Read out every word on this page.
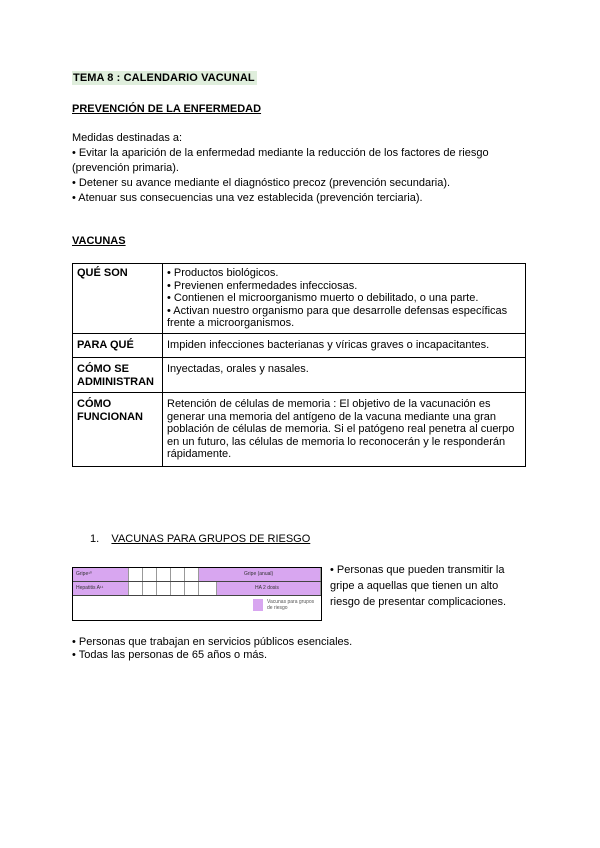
TEMA 8 : CALENDARIO VACUNAL
PREVENCIÓN DE LA ENFERMEDAD
Medidas destinadas a:
• Evitar la aparición de la enfermedad mediante la reducción de los factores de riesgo
(prevención primaria).
• Detener su avance mediante el diagnóstico precoz (prevención secundaria).
• Atenuar sus consecuencias una vez establecida (prevención terciaria).
VACUNAS
QUÉ SON	• Productos biológicos.
• Previenen enfermedades infecciosas.
• Contienen el microorganismo muerto o debilitado, o una parte.
• Activan nuestro organismo para que desarrolle defensas específicas frente a microorganismos.

PARA QUÉ	Impiden infecciones bacterianas y víricas graves o incapacitantes.

CÓMO SE ADMINISTRAN	Inyectadas, orales y nasales.

CÓMO FUNCIONAN	Retención de células de memoria : El objetivo de la vacunación es generar una memoria del antígeno de la vacuna mediante una gran población de células de memoria. Si el patógeno real penetra al cuerpo en un futuro, las células de memoria lo reconocerán y le responderán rápidamente.
1. VACUNAS PARA GRUPOS DE RIESGO
Gripe¹⁰	Gripe (anual)
Hepatitis A¹¹	HA 2 dosis
Vacunas para grupos de riesgo
• Personas que pueden transmitir la gripe a aquellas que tienen un alto riesgo de presentar complicaciones.
• Personas que trabajan en servicios públicos esenciales.
• Todas las personas de 65 años o más.
